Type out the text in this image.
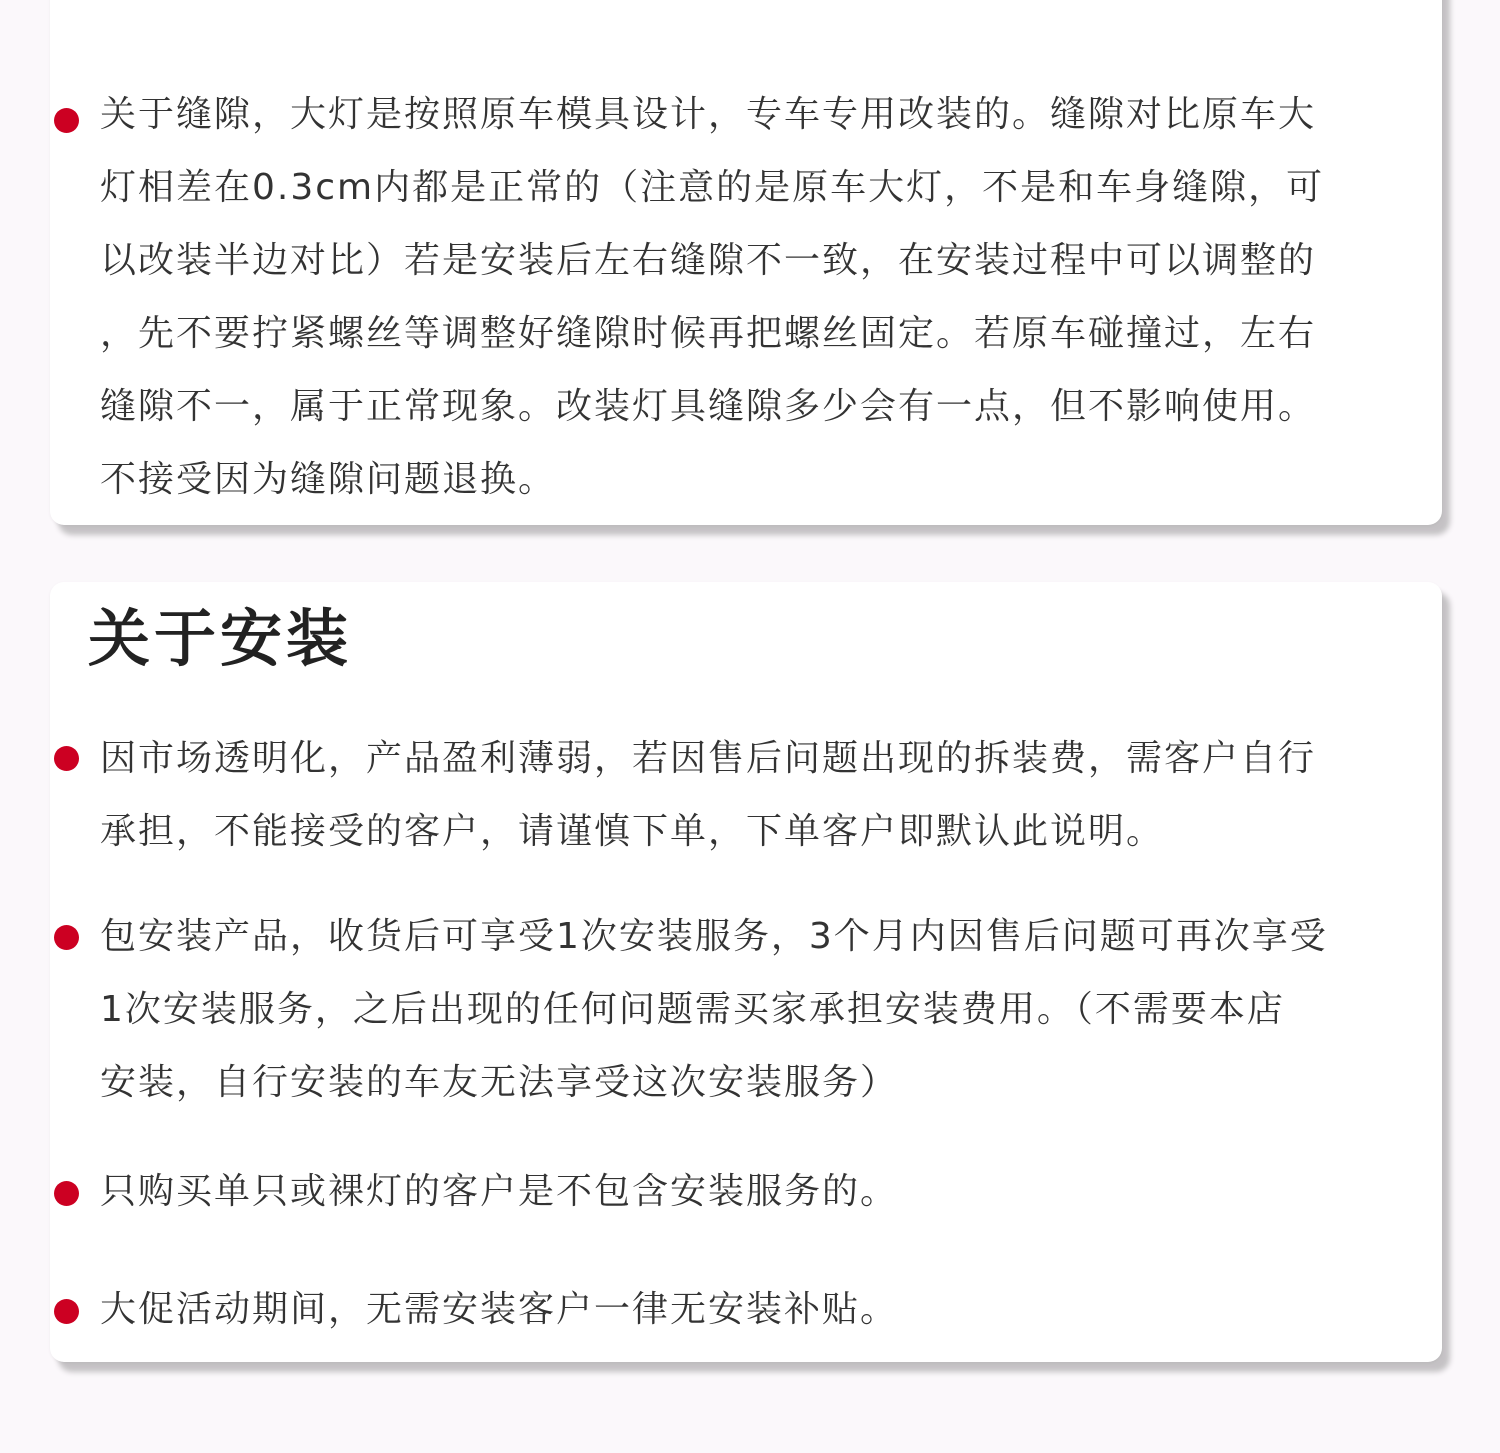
关于缝隙，大灯是按照原车模具设计，专车专用改装的。缝隙对比原车大
灯相差在0.3cm内都是正常的（注意的是原车大灯，不是和车身缝隙，可
以改装半边对比）若是安装后左右缝隙不一致，在安装过程中可以调整的
，先不要拧紧螺丝等调整好缝隙时候再把螺丝固定。若原车碰撞过，左右
缝隙不一，属于正常现象。改装灯具缝隙多少会有一点，但不影响使用。
不接受因为缝隙问题退换。

关于安装

因市场透明化，产品盈利薄弱，若因售后问题出现的拆装费，需客户自行
承担，不能接受的客户，请谨慎下单，下单客户即默认此说明。

包安装产品，收货后可享受1次安装服务，3个月内因售后问题可再次享受
1次安装服务，之后出现的任何问题需买家承担安装费用。（不需要本店
安装，自行安装的车友无法享受这次安装服务）

只购买单只或裸灯的客户是不包含安装服务的。

大促活动期间，无需安装客户一律无安装补贴。
